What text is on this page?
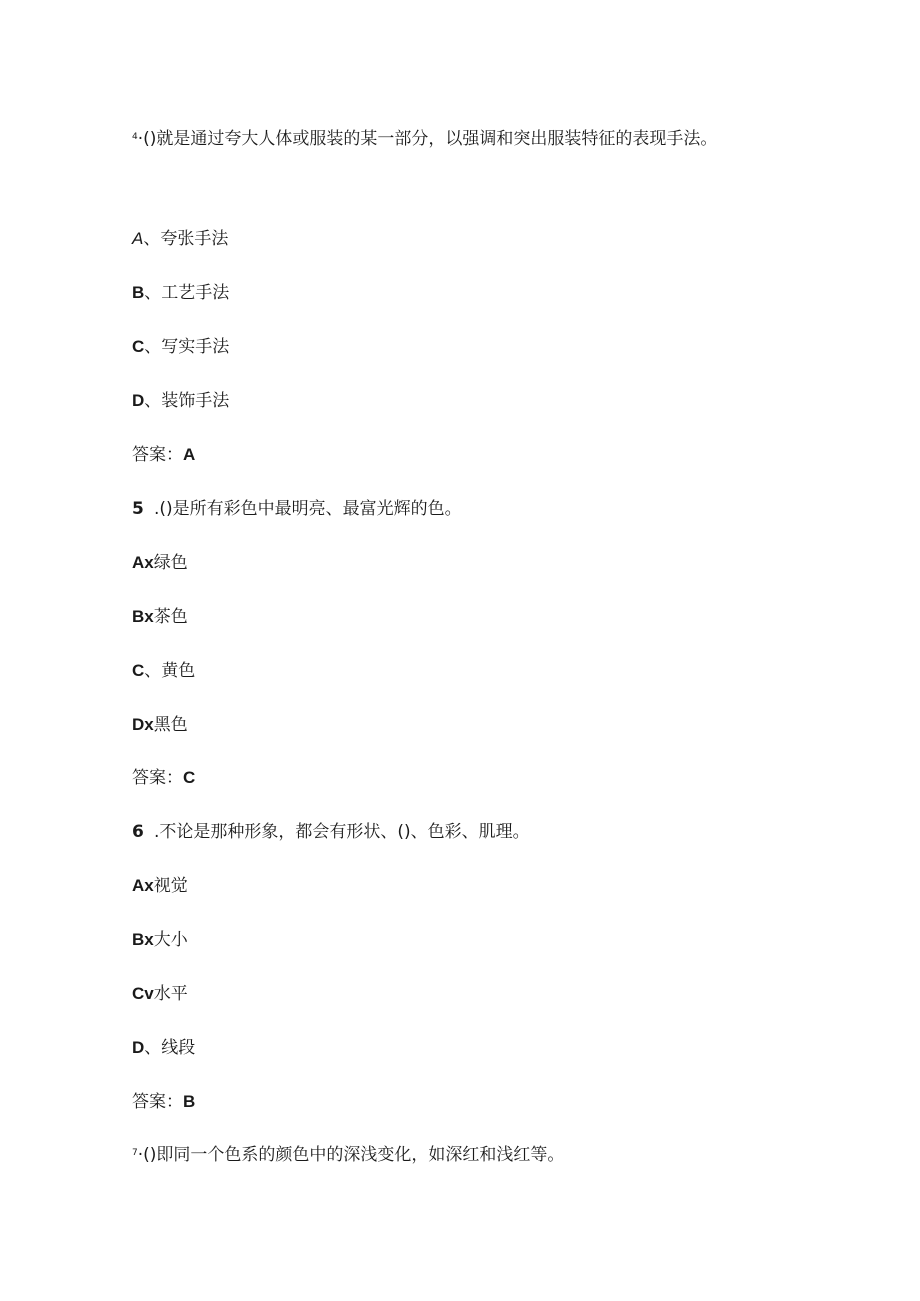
$^4$·()就是通过夸大人体或服装的某一部分，以强调和突出服装特征的表现手法。
A、夸张手法
B、工艺手法
C、写实手法
D、装饰手法
答案：A
5 .()是所有彩色中最明亮、最富光辉的色。
Ax绿色
Bx茶色
C、黄色
Dx黑色
答案：C
6 .不论是那种形象，都会有形状、()、色彩、肌理。
Ax视觉
Bx大小
Cv水平
D、线段
答案：B
$^7$·()即同一个色系的颜色中的深浅变化，如深红和浅红等。
